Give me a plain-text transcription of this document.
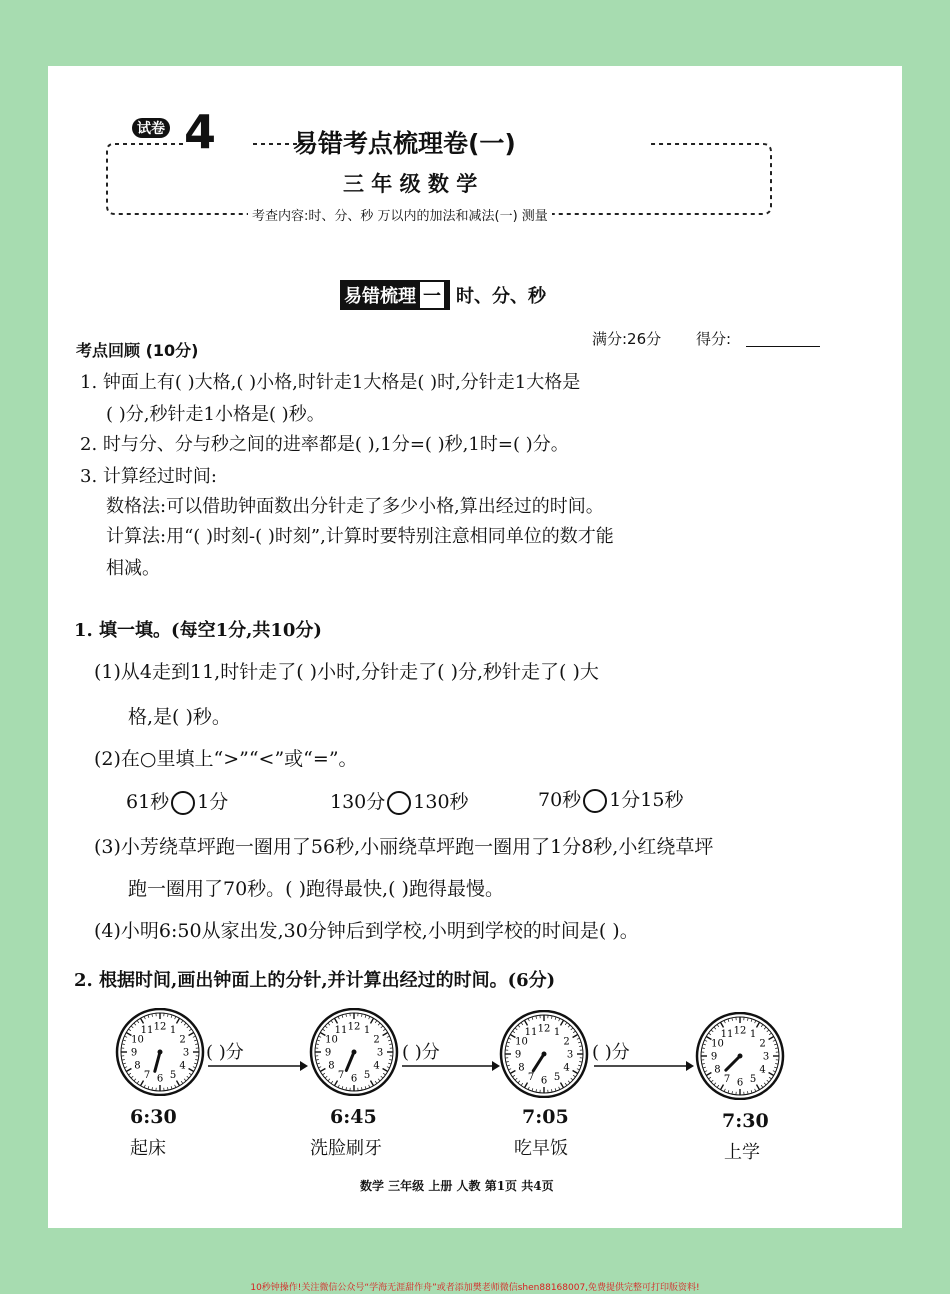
试卷 4	易错考点梳理卷(一)
三 年 级 数 学
考查内容:时、分、秒 万以内的加法和减法(一) 测量
易错梳理 一 时、分、秒
满分:26分 得分:
考点回顾 (10分)
1. 钟面上有( )大格,( )小格,时针走1大格是( )时,分针走1大格是
( )分,秒针走1小格是( )秒。
2. 时与分、分与秒之间的进率都是( ),1分=( )秒,1时=( )分。
3. 计算经过时间:
数格法:可以借助钟面数出分针走了多少小格,算出经过的时间。
计算法:用“( )时刻-( )时刻”,计算时要特别注意相同单位的数才能
相减。
1. 填一填。(每空1分,共10分)
(1)从4走到11,时针走了( )小时,分针走了( )分,秒针走了( )大
格,是( )秒。
(2)在○里填上“>”“<”或“=”。
61秒 1分	130分 130秒	70秒 1分15秒
(3)小芳绕草坪跑一圈用了56秒,小丽绕草坪跑一圈用了1分8秒,小红绕草坪
跑一圈用了70秒。( )跑得最快,( )跑得最慢。
(4)小明6:50从家出发,30分钟后到学校,小明到学校的时间是( )。
2. 根据时间,画出钟面上的分针,并计算出经过的时间。(6分)
12 1
2
3
4
5
6
7
8
9
10
11	12 1
2
3
4
5
6
7
8
9
10
11	12 1
2
3
4
5
6
7
8
9
10
11	12 1
2
3
4
5
6
7
8
9
10
11
( )分	( )分	( )分
6:30
起床
6:45
洗脸刷牙
7:05
吃早饭
7:30
上学
数学 三年级 上册 人教 第1页 共4页
10秒钟操作!关注微信公众号“学海无涯甜作舟”或者添加樊老师微信shen88168007,免费提供完整可打印版资料!
